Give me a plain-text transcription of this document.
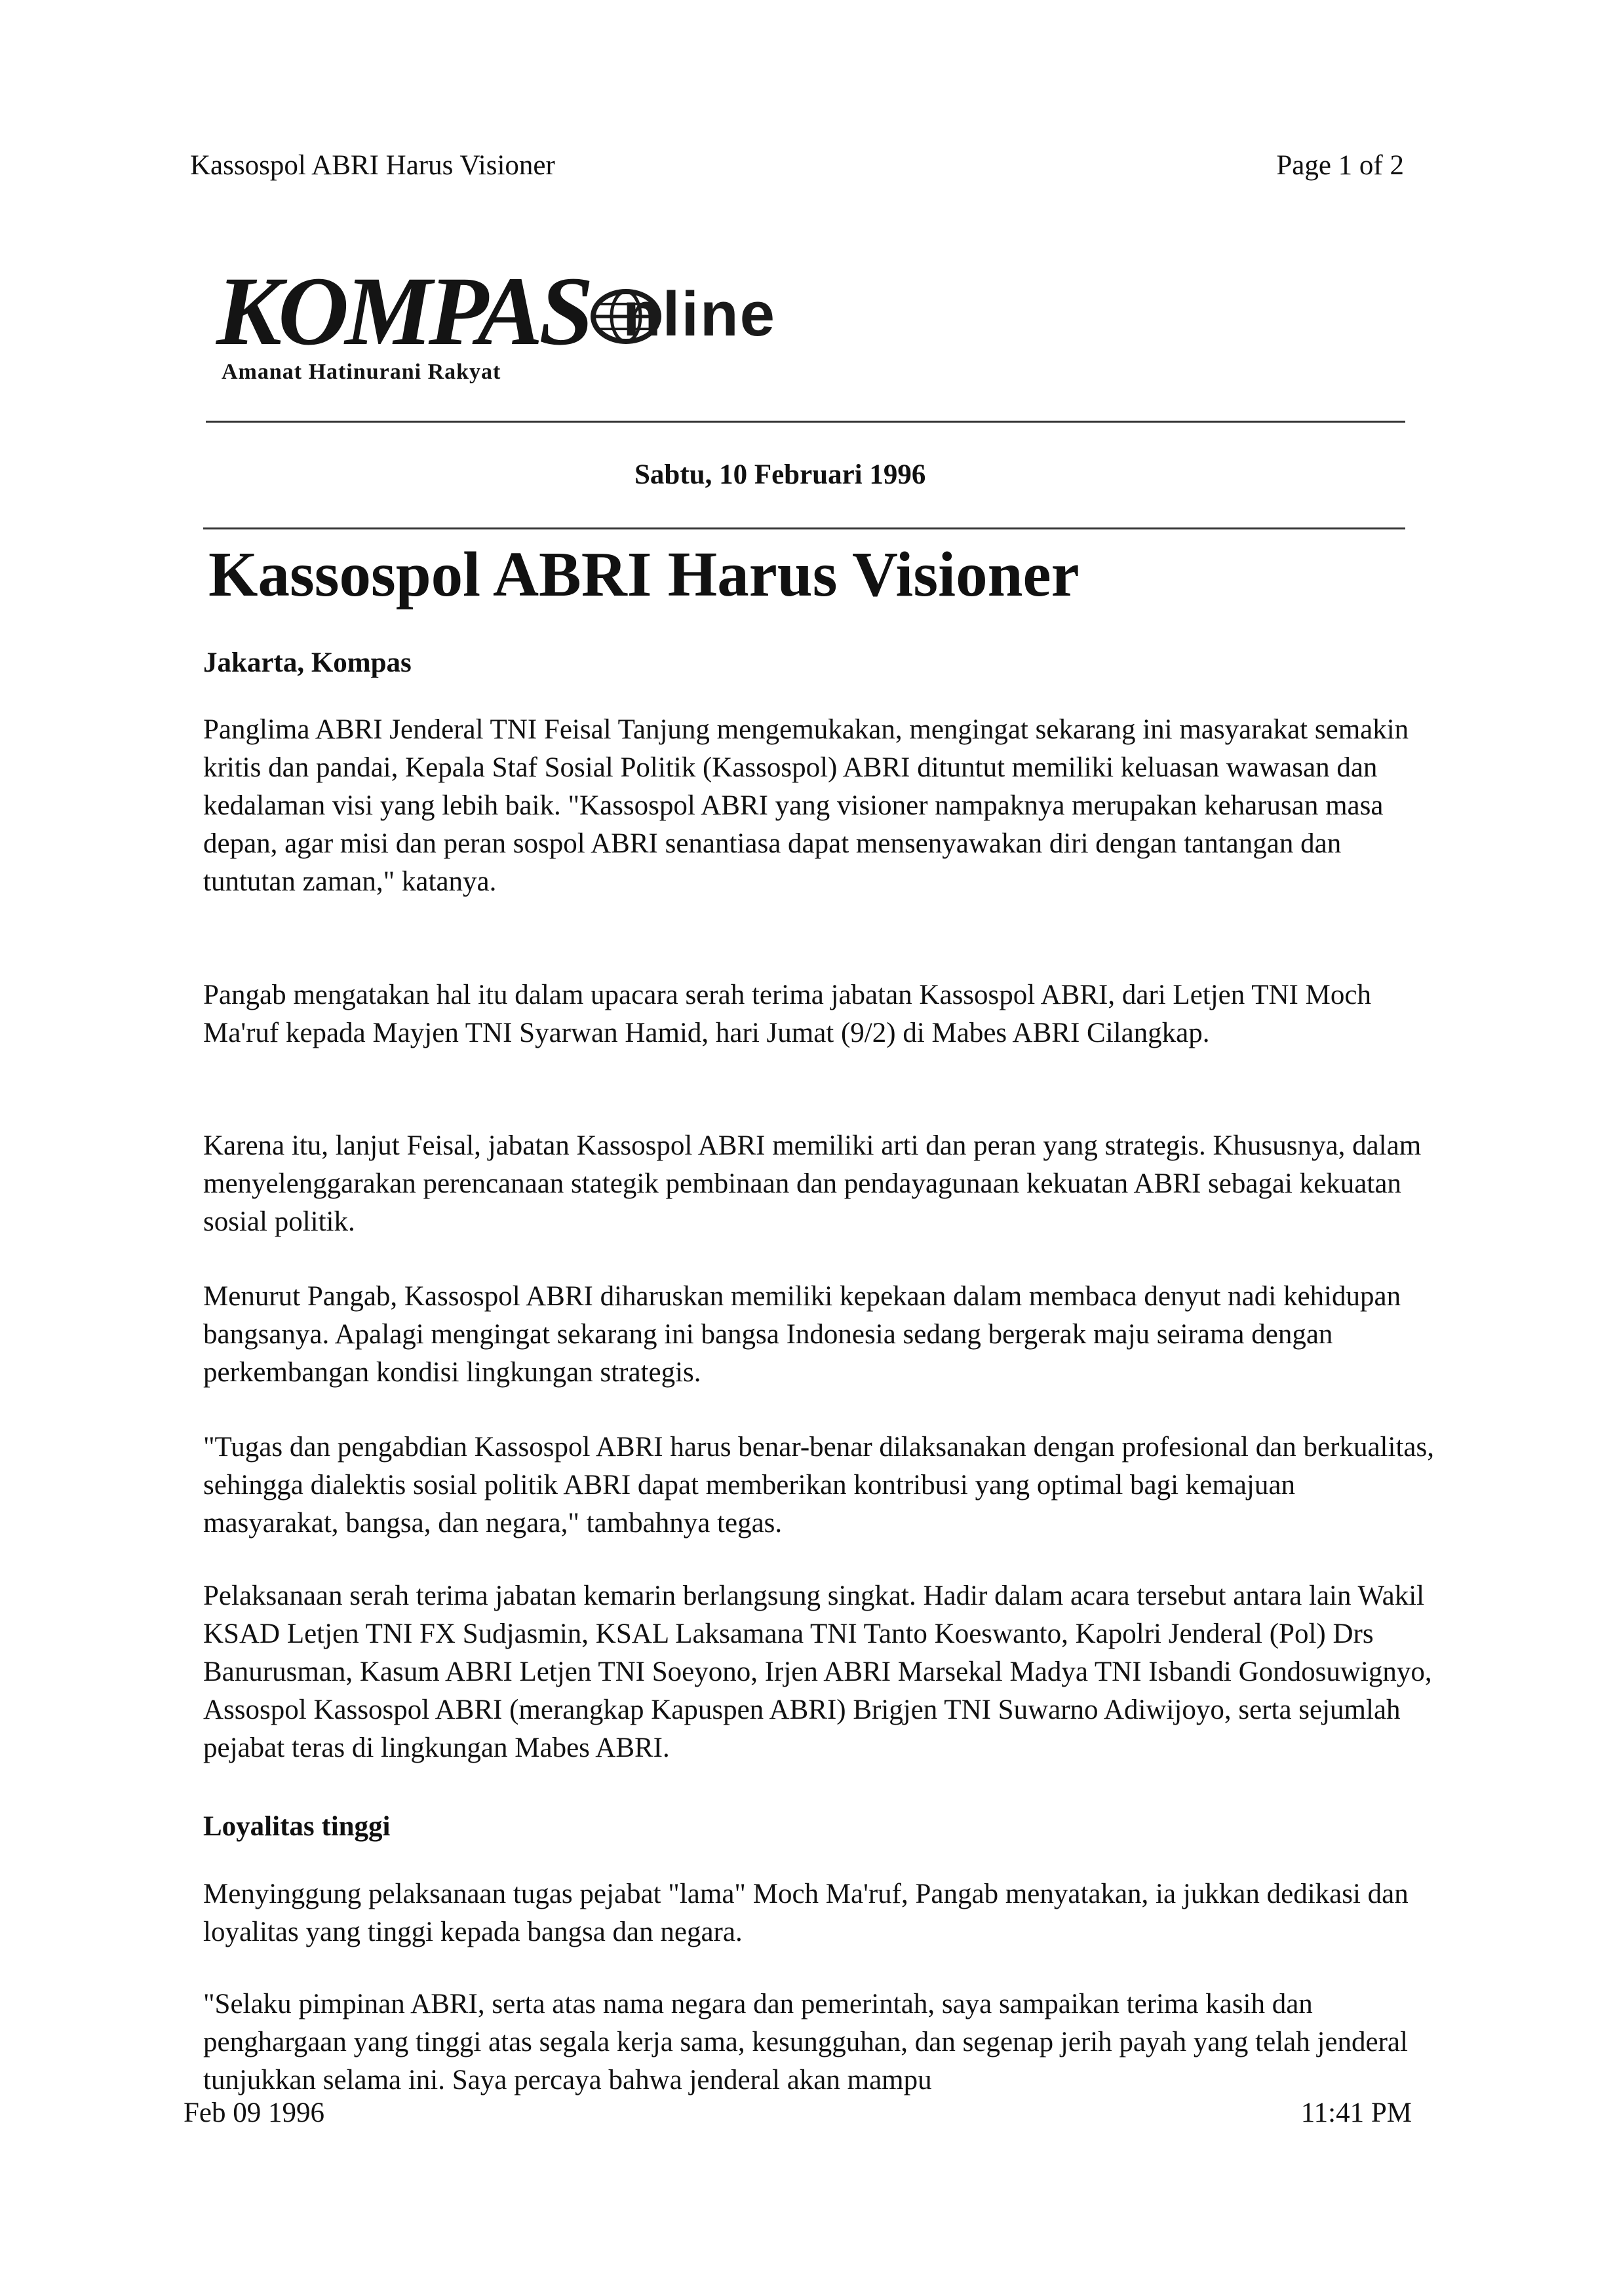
Kassospol ABRI Harus Visioner	Page 1 of 2
KOMPAS
Amanat Hatinurani Rakyat
nline
Sabtu, 10 Februari 1996
Kassospol ABRI Harus Visioner
Jakarta, Kompas

Panglima ABRI Jenderal TNI Feisal Tanjung mengemukakan, mengingat sekarang ini masyarakat semakin kritis dan pandai, Kepala Staf Sosial Politik (Kassospol) ABRI dituntut memiliki keluasan wawasan dan kedalaman visi yang lebih baik. "Kassospol ABRI yang visioner nampaknya merupakan keharusan masa depan, agar misi dan peran sospol ABRI senantiasa dapat mensenyawakan diri dengan tantangan dan tuntutan zaman," katanya.

Pangab mengatakan hal itu dalam upacara serah terima jabatan Kassospol ABRI, dari Letjen TNI Moch Ma'ruf kepada Mayjen TNI Syarwan Hamid, hari Jumat (9/2) di Mabes ABRI Cilangkap.

Karena itu, lanjut Feisal, jabatan Kassospol ABRI memiliki arti dan peran yang strategis. Khususnya, dalam menyelenggarakan perencanaan stategik pembinaan dan pendayagunaan kekuatan ABRI sebagai kekuatan sosial politik.

Menurut Pangab, Kassospol ABRI diharuskan memiliki kepekaan dalam membaca denyut nadi kehidupan bangsanya. Apalagi mengingat sekarang ini bangsa Indonesia sedang bergerak maju seirama dengan perkembangan kondisi lingkungan strategis.

"Tugas dan pengabdian Kassospol ABRI harus benar-benar dilaksanakan dengan profesional dan berkualitas, sehingga dialektis sosial politik ABRI dapat memberikan kontribusi yang optimal bagi kemajuan masyarakat, bangsa, dan negara," tambahnya tegas.

Pelaksanaan serah terima jabatan kemarin berlangsung singkat. Hadir dalam acara tersebut antara lain Wakil KSAD Letjen TNI FX Sudjasmin, KSAL Laksamana TNI Tanto Koeswanto, Kapolri Jenderal (Pol) Drs Banurusman, Kasum ABRI Letjen TNI Soeyono, Irjen ABRI Marsekal Madya TNI Isbandi Gondosuwignyo, Assospol Kassospol ABRI (merangkap Kapuspen ABRI) Brigjen TNI Suwarno Adiwijoyo, serta sejumlah pejabat teras di lingkungan Mabes ABRI.

Loyalitas tinggi

Menyinggung pelaksanaan tugas pejabat "lama" Moch Ma'ruf, Pangab menyatakan, ia jukkan dedikasi dan loyalitas yang tinggi kepada bangsa dan negara.

"Selaku pimpinan ABRI, serta atas nama negara dan pemerintah, saya sampaikan terima kasih dan penghargaan yang tinggi atas segala kerja sama, kesungguhan, dan segenap jerih payah yang telah jenderal tunjukkan selama ini. Saya percaya bahwa jenderal akan mampu

Feb 09 1996	11:41 PM
